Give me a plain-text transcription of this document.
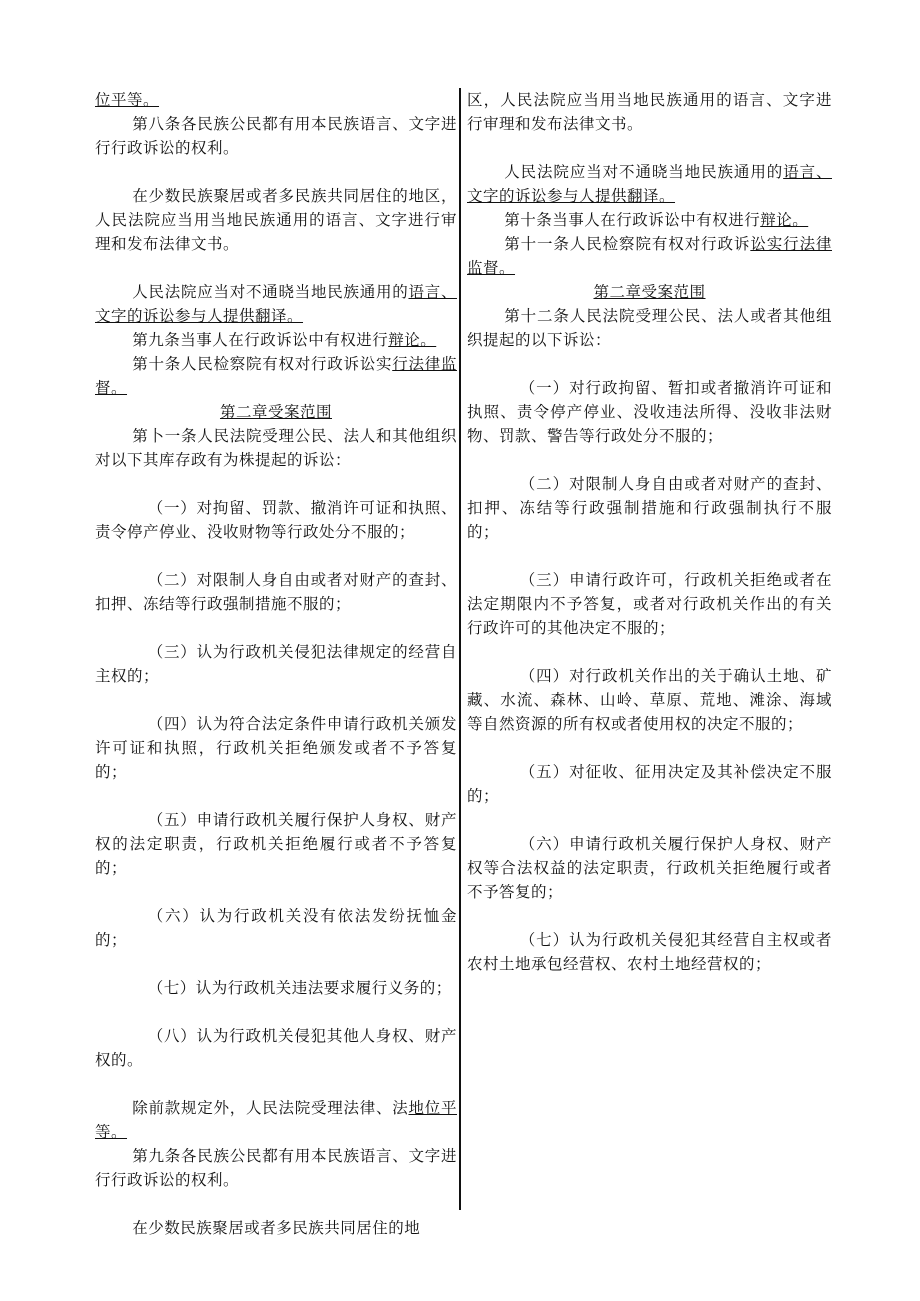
位平等。

第八条各民族公民都有用本民族语言、文字进行行政诉讼的权利。

在少数民族聚居或者多民族共同居住的地区，人民法院应当用当地民族通用的语言、文字进行审理和发布法律文书。

人民法院应当对不通晓当地民族通用的语言、文字的诉讼参与人提供翻译。

第九条当事人在行政诉讼中有权进行辩论。

第十条人民检察院有权对行政诉讼实行法律监督。

第二章受案范围

第卜一条人民法院受理公民、法人和其他组织对以下其库存政有为株提起的诉讼：

（一）对拘留、罚款、撤消许可证和执照、责令停产停业、没收财物等行政处分不服的；

（二）对限制人身自由或者对财产的查封、扣押、冻结等行政强制措施不服的；

（三）认为行政机关侵犯法律规定的经营自主权的；

（四）认为符合法定条件申请行政机关颁发许可证和执照，行政机关拒绝颁发或者不予答复的；

（五）申请行政机关履行保护人身权、财产权的法定职责，行政机关拒绝履行或者不予答复的；

（六）认为行政机关没有依法发纷抚恤金的；

（七）认为行政机关违法要求履行义务的；

（八）认为行政机关侵犯其他人身权、财产权的。

除前款规定外，人民法院受理法律、法地位平等。

第九条各民族公民都有用本民族语言、文字进行行政诉讼的权利。

在少数民族聚居或者多民族共同居住的地

区，人民法院应当用当地民族通用的语言、文字进行审理和发布法律文书。

人民法院应当对不通晓当地民族通用的语言、文字的诉讼参与人提供翻译。

第十条当事人在行政诉讼中有权进行辩论。

第十一条人民检察院有权对行政诉讼实行法律监督。

第二章受案范围

第十二条人民法院受理公民、法人或者其他组织提起的以下诉讼：

（一）对行政拘留、暂扣或者撤消许可证和执照、责令停产停业、没收违法所得、没收非法财物、罚款、警告等行政处分不服的；

（二）对限制人身自由或者对财产的查封、扣押、冻结等行政强制措施和行政强制执行不服的；

（三）申请行政许可，行政机关拒绝或者在法定期限内不予答复，或者对行政机关作出的有关行政许可的其他决定不服的；

（四）对行政机关作出的关于确认土地、矿藏、水流、森林、山岭、草原、荒地、滩涂、海域等自然资源的所有权或者使用权的决定不服的；

（五）对征收、征用决定及其补偿决定不服的；

（六）申请行政机关履行保护人身权、财产权等合法权益的法定职责，行政机关拒绝履行或者不予答复的；

（七）认为行政机关侵犯其经营自主权或者农村土地承包经营权、农村土地经营权的；
